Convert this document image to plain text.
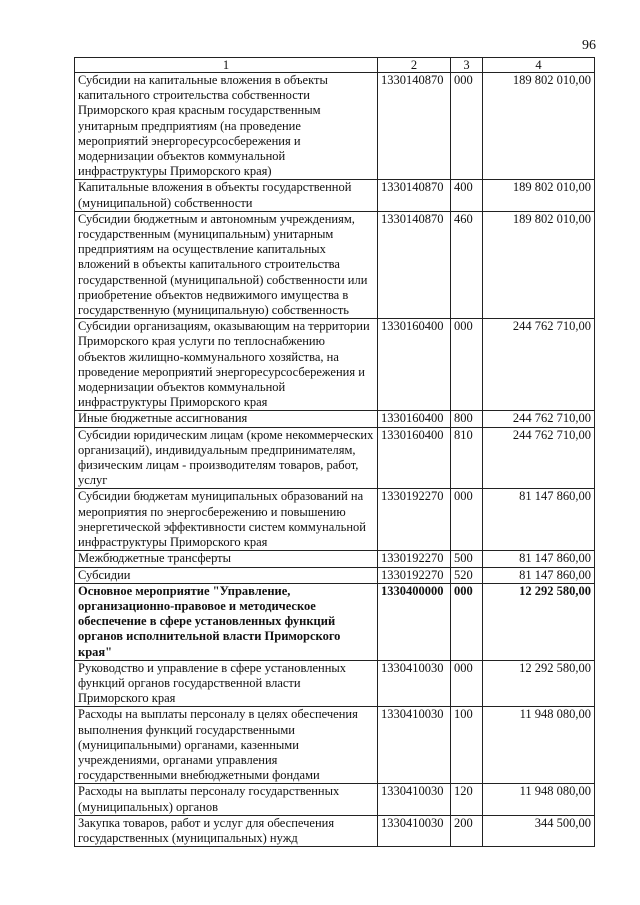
96
1	2	3	4
Субсидии на капитальные вложения в объекты капитального строительства собственности Приморского края красным государственным унитарным предприятиям (на проведение мероприятий энергоресурсосбережения и модернизации объектов коммунальной инфраструктуры Приморского края)	1330140870	000	189 802 010,00
Капитальные вложения в объекты государственной (муниципальной) собственности	1330140870	400	189 802 010,00
Субсидии бюджетным и автономным учреждениям, государственным (муниципальным) унитарным предприятиям на осуществление капитальных вложений в объекты капитального строительства государственной (муниципальной) собственности или приобретение объектов недвижимого имущества в государственную (муниципальную) собственность	1330140870	460	189 802 010,00
Субсидии организациям, оказывающим на территории Приморского края услуги по теплоснабжению объектов жилищно-коммунального хозяйства, на проведение мероприятий энергоресурсосбережения и модернизации объектов коммунальной инфраструктуры Приморского края	1330160400	000	244 762 710,00
Иные бюджетные ассигнования	1330160400	800	244 762 710,00
Субсидии юридическим лицам (кроме некоммерческих организаций), индивидуальным предпринимателям, физическим лицам - производителям товаров, работ, услуг	1330160400	810	244 762 710,00
Субсидии бюджетам муниципальных образований на мероприятия по энергосбережению и повышению энергетической эффективности систем коммунальной инфраструктуры Приморского края	1330192270	000	81 147 860,00
Межбюджетные трансферты	1330192270	500	81 147 860,00
Субсидии	1330192270	520	81 147 860,00
Основное мероприятие "Управление, организационно-правовое и методическое обеспечение в сфере установленных функций органов исполнительной власти Приморского края"	1330400000	000	12 292 580,00
Руководство и управление в сфере установленных функций органов государственной власти Приморского края	1330410030	000	12 292 580,00
Расходы на выплаты персоналу в целях обеспечения выполнения функций государственными (муниципальными) органами, казенными учреждениями, органами управления государственными внебюджетными фондами	1330410030	100	11 948 080,00
Расходы на выплаты персоналу государственных (муниципальных) органов	1330410030	120	11 948 080,00
Закупка товаров, работ и услуг для обеспечения государственных (муниципальных) нужд	1330410030	200	344 500,00
